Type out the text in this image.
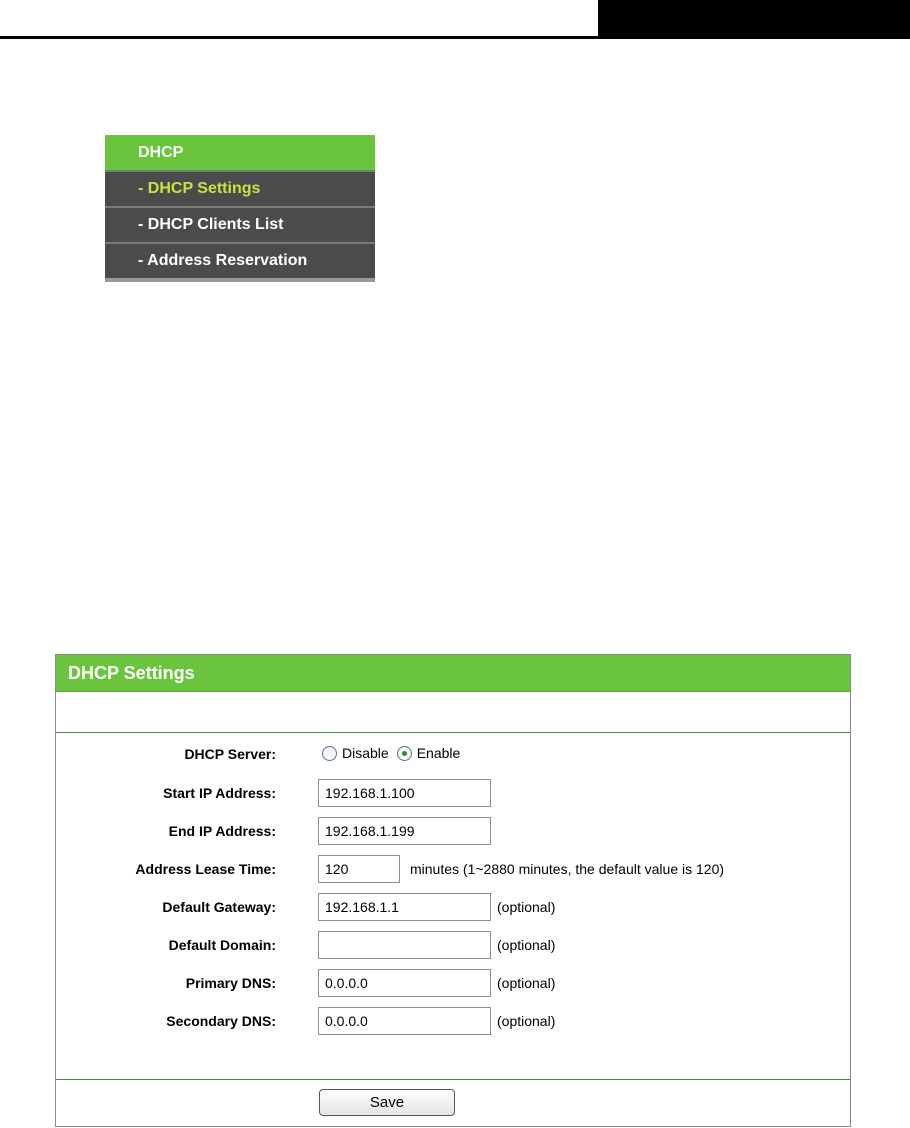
DHCP
- DHCP Settings
- DHCP Clients List
- Address Reservation
DHCP Settings
DHCP Server:	Disable Enable
Start IP Address:
192.168.1.100
End IP Address:
192.168.1.199
Address Lease Time:
120	minutes (1~2880 minutes, the default value is 120)
Default Gateway:
192.168.1.1	(optional)
Default Domain:	(optional)
Primary DNS:
0.0.0.0	(optional)
Secondary DNS:
0.0.0.0	(optional)
Save
